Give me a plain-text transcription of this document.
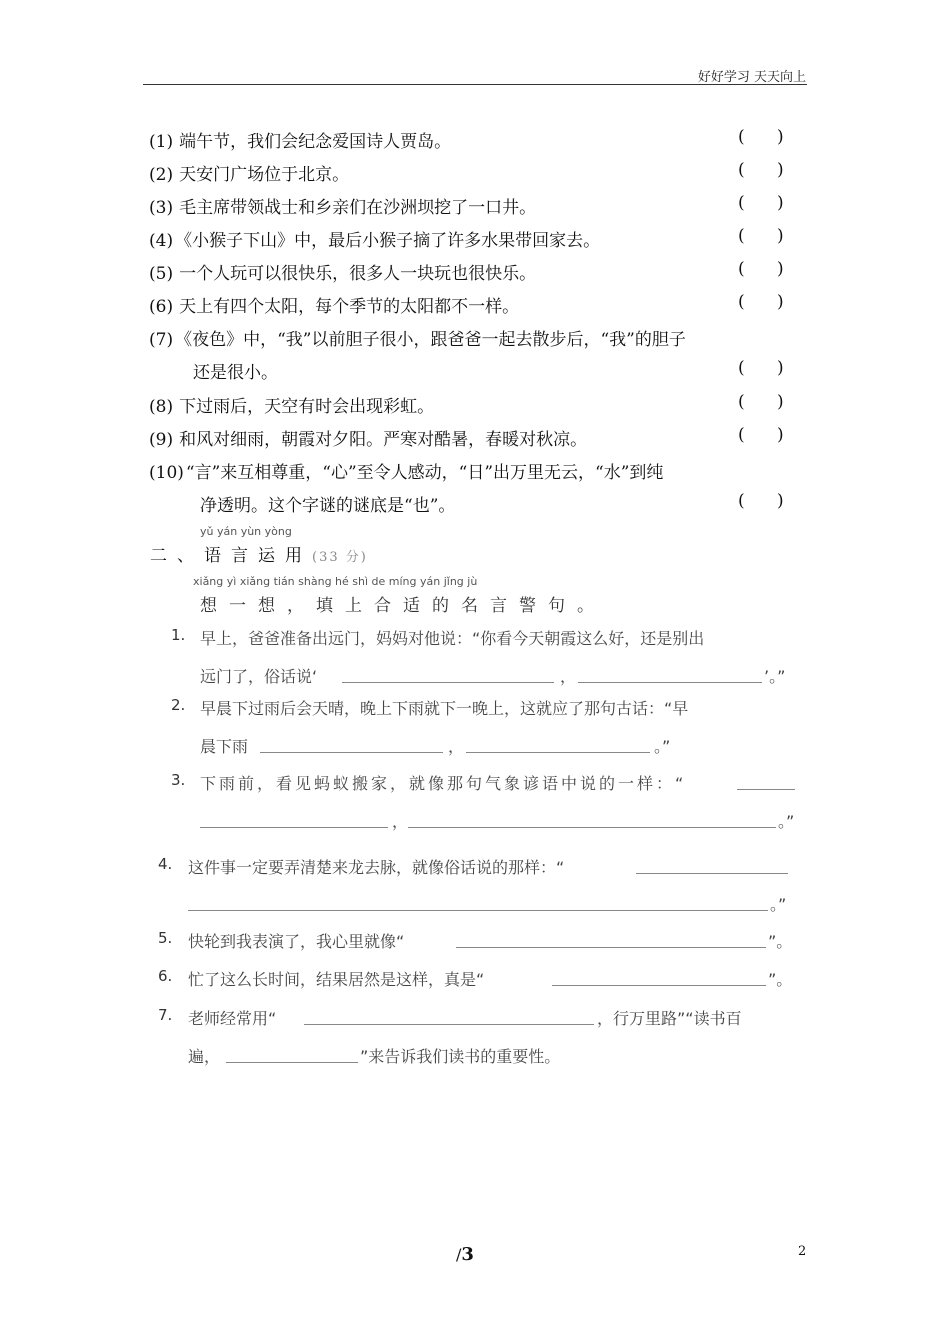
好好学习 天天向上
(1) 端午节，我们会纪念爱国诗人贾岛。	(      )
(2) 天安门广场位于北京。	(      )
(3) 毛主席带领战士和乡亲们在沙洲坝挖了一口井。	(      )
(4) 《小猴子下山》中，最后小猴子摘了许多水果带回家去。	(      )
(5) 一个人玩可以很快乐，很多人一块玩也很快乐。	(      )
(6) 天上有四个太阳，每个季节的太阳都不一样。	(      )
(7) 《夜色》中，“我”以前胆子很小，跟爸爸一起去散步后，“我”的胆子
还是很小。	(      )
(8) 下过雨后，天空有时会出现彩虹。	(      )
(9) 和风对细雨，朝霞对夕阳。严寒对酷暑，春暖对秋凉。	(      )
(10) “言”来互相尊重，“心”至令人感动，“日”出万里无云，“水”到纯
净透明。这个字谜的谜底是“也”。	(      )
yǔ yán yùn yòng
二、语言运用(33 分)
xiǎng yì xiǎng tián shàng hé shì de míng yán jǐng jù
想一想，填上合适的名言警句。
1. 早上，爸爸准备出远门，妈妈对他说：“你看今天朝霞这么好，还是别出
远门了，俗话说‘	，	’。”
2. 早晨下过雨后会天晴，晚上下雨就下一晚上，这就应了那句古话：“早
晨下雨	，	。”
3. 下雨前，看见蚂蚁搬家，就像那句气象谚语中说的一样：“
，	。”
4. 这件事一定要弄清楚来龙去脉，就像俗话说的那样：“
。”
5. 快轮到我表演了，我心里就像“	”。
6. 忙了这么长时间，结果居然是这样，真是“	”。
7. 老师经常用“	，行万里路”“读书百
遍，	”来告诉我们读书的重要性。
/3	2
